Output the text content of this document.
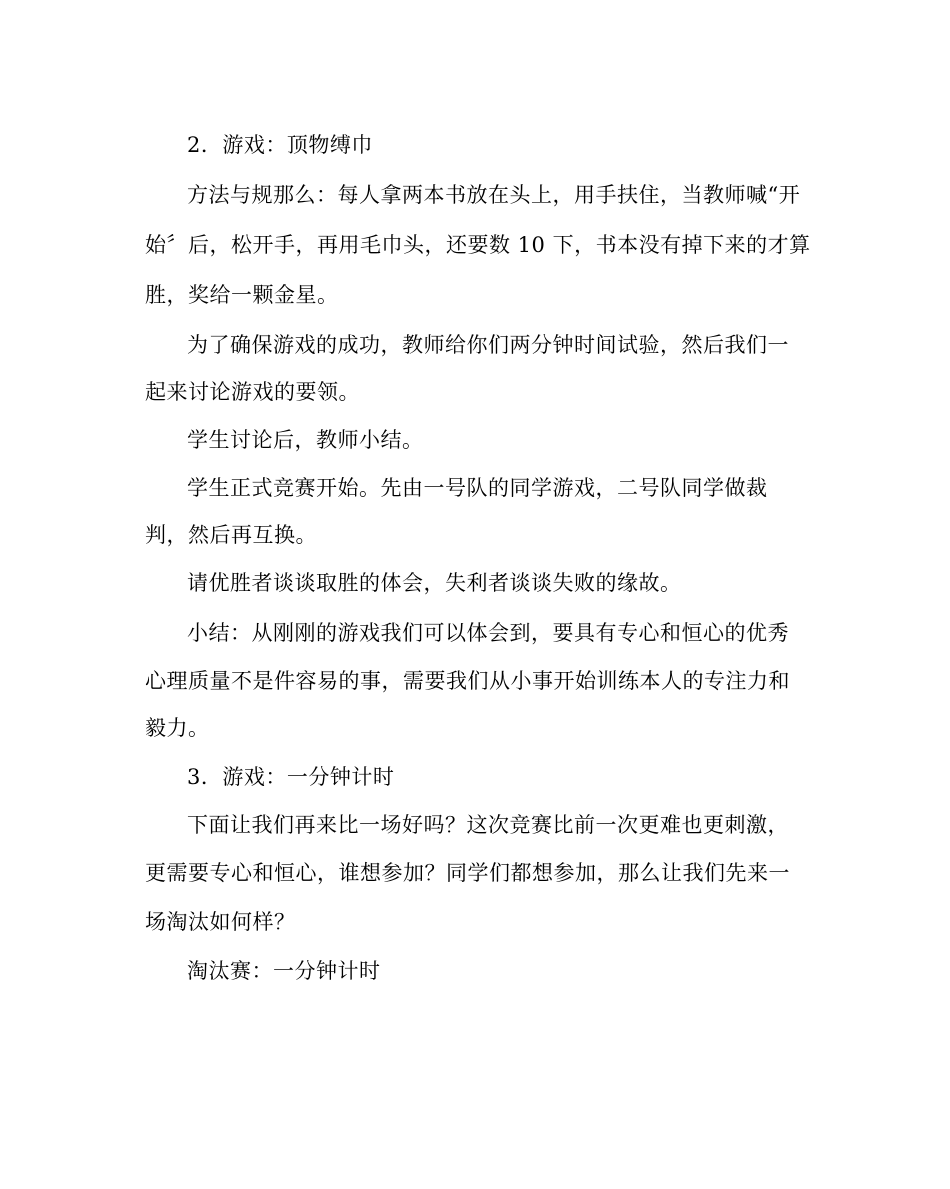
2．游戏：顶物缚巾
方法与规那么：每人拿两本书放在头上，用手扶住，当教师喊“开
始〞后，松开手，再用毛巾头，还要数 10 下，书本没有掉下来的才算
胜，奖给一颗金星。
为了确保游戏的成功，教师给你们两分钟时间试验，然后我们一
起来讨论游戏的要领。
学生讨论后，教师小结。
学生正式竞赛开始。先由一号队的同学游戏，二号队同学做裁
判，然后再互换。
请优胜者谈谈取胜的体会，失利者谈谈失败的缘故。
小结：从刚刚的游戏我们可以体会到，要具有专心和恒心的优秀
心理质量不是件容易的事，需要我们从小事开始训练本人的专注力和
毅力。
3．游戏：一分钟计时
下面让我们再来比一场好吗？这次竞赛比前一次更难也更刺激，
更需要专心和恒心，谁想参加？同学们都想参加，那么让我们先来一
场淘汰如何样？
淘汰赛：一分钟计时
